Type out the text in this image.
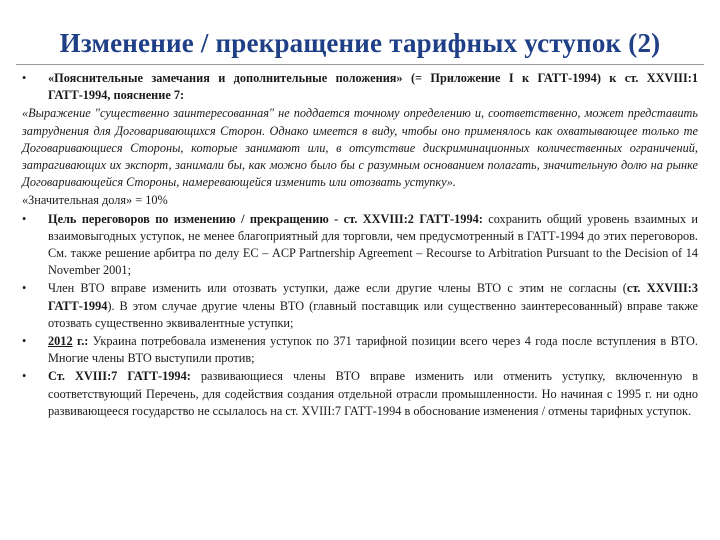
Изменение / прекращение тарифных уступок (2)
•	«Пояснительные замечания и дополнительные положения» (= Приложение I к ГАТТ-1994) к ст. XXVIII:1 ГАТТ-1994, пояснение 7:

«Выражение "существенно заинтересованная" не поддается точному определению и, соответственно, может представить затруднения для Договаривающихся Сторон. Однако имеется в виду, чтобы оно применялось как охватывающее только те Договаривающиеся Стороны, которые занимают или, в отсутствие дискриминационных количественных ограничений, затрагивающих их экспорт, занимали бы, как можно было бы с разумным основанием полагать, значительную долю на рынке Договаривающейся Стороны, намеревающейся изменить или отозвать уступку».

«Значительная доля» = 10%

•	Цель переговоров по изменению / прекращению - ст. XXVIII:2 ГАТТ-1994: сохранить общий уровень взаимных и взаимовыгодных уступок, не менее благоприятный для торговли, чем предусмотренный в ГАТТ-1994 до этих переговоров. См. также решение арбитра по делу ЕС – ACP Partnership Agreement – Recourse to Arbitration Pursuant to the Decision of 14 November 2001;
•	Член ВТО вправе изменить или отозвать уступки, даже если другие члены ВТО с этим не согласны (ст. XXVIII:3 ГАТТ-1994). В этом случае другие члены ВТО (главный поставщик или существенно заинтересованный) вправе также отозвать существенно эквивалентные уступки;
•	2012 г.: Украина потребовала изменения уступок по 371 тарифной позиции всего через 4 года после вступления в ВТО. Многие члены ВТО выступили против;
•	Ст. XVIII:7 ГАТТ-1994: развивающиеся члены ВТО вправе изменить или отменить уступку, включенную в соответствующий Перечень, для содействия создания отдельной отрасли промышленности. Но начиная с 1995 г. ни одно развивающееся государство не ссылалось на ст. XVIII:7 ГАТТ-1994 в обоснование изменения / отмены тарифных уступок.
